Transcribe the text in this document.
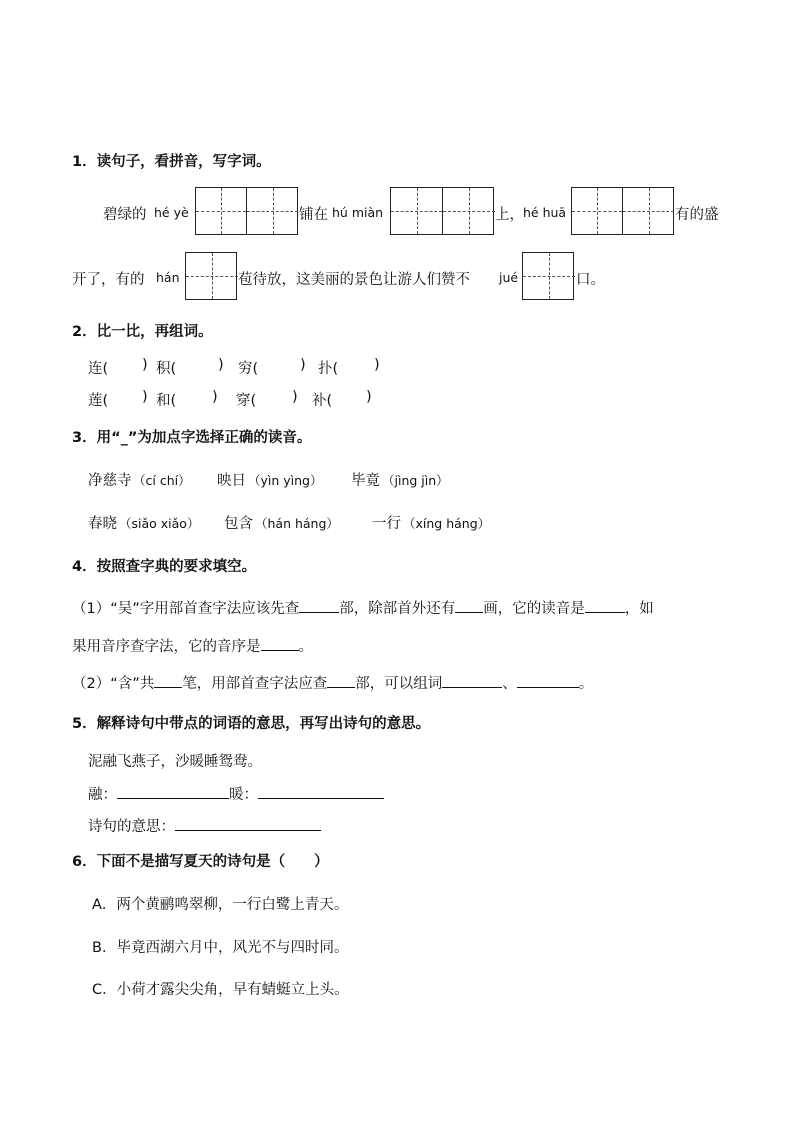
1．读句子，看拼音，写字词。
碧绿的 hé yè	铺在 hú miàn	上， hé huā	有的盛
开了，有的 hán	苞待放，这美丽的景色让游人们赞不 jué	口。
2．比一比，再组词。
连( ) 积(	) 穷(	) 扑( )
莲( ) 和( ) 穿( ) 补( )
3．用“_”为加点字选择正确的读音。
净慈寺 （cí chí） 映日 （yìn yìng） 毕竟 （jìng jìn）
春晓 （siǎo xiǎo） 包含 （hán háng） 一行 （xíng háng）
4．按照查字典的要求填空。
（1）“吴”字用部首查字法应该先查	部，除部首外还有 画，它的读音是	，如
果用音序查字法，它的音序是	。
（2）“含”共 笔，用部首查字法应查 部，可以组词	、	。
5．解释诗句中带点的词语的意思，再写出诗句的意思。
泥融飞燕子，沙暖睡鸳鸯。
融：	暖：
诗句的意思：
6．下面不是描写夏天的诗句是（　　）
A．两个黄鹂鸣翠柳，一行白鹭上青天。
B．毕竟西湖六月中，风光不与四时同。
C．小荷才露尖尖角，早有蜻蜓立上头。
